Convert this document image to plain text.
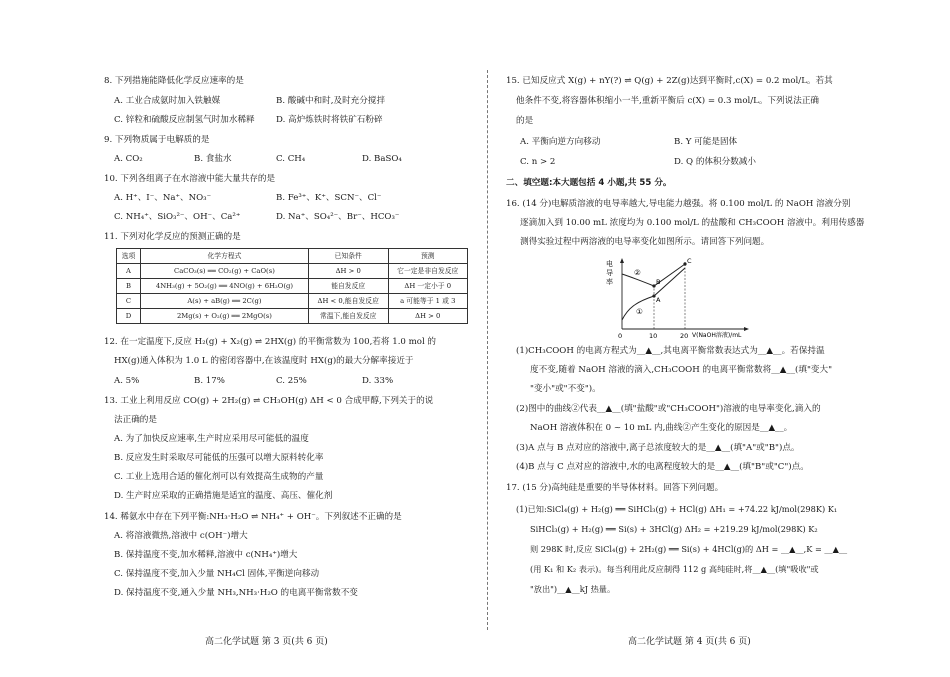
8. 下列措施能降低化学反应速率的是
A. 工业合成氨时加入铁触媒	B. 酸碱中和时,及时充分搅拌
C. 锌粒和硫酸反应制氢气时加水稀释 D. 高炉炼铁时将铁矿石粉碎
9. 下列物质属于电解质的是
A. CO₂	B. 食盐水	C. CH₄	D. BaSO₄
10. 下列各组离子在水溶液中能大量共存的是
A. H⁺、I⁻、Na⁺、NO₃⁻	B. Fe³⁺、K⁺、SCN⁻、Cl⁻
C. NH₄⁺、SiO₃²⁻、OH⁻、Ca²⁺	D. Na⁺、SO₄²⁻、Br⁻、HCO₃⁻
11. 下列对化学反应的预测正确的是
选项	化学方程式	已知条件	预测
A	CaCO₃(s) ══ CO₂(g) + CaO(s)	ΔH > 0	它一定是非自发反应
B	4NH₃(g) + 5O₂(g) ══ 4NO(g) + 6H₂O(g)	能自发反应	ΔH 一定小于 0
C	A(s) + aB(g) ══ 2C(g)	ΔH < 0,能自发反应	a 可能等于 1 或 3
D	2Mg(s) + O₂(g) ══ 2MgO(s)	常温下,能自发反应	ΔH > 0
12. 在一定温度下,反应 H₂(g) + X₂(g) ⇌ 2HX(g) 的平衡常数为 100,若将 1.0 mol 的
HX(g)通入体积为 1.0 L 的密闭容器中,在该温度时 HX(g)的最大分解率接近于
A. 5%	B. 17%	C. 25%	D. 33%
13. 工业上利用反应 CO(g) + 2H₂(g) ⇌ CH₃OH(g) ΔH < 0 合成甲醇,下列关于的说
法正确的是
A. 为了加快反应速率,生产时应采用尽可能低的温度
B. 反应发生时采取尽可能低的压强可以增大原料转化率
C. 工业上选用合适的催化剂可以有效提高生成物的产量
D. 生产时应采取的正确措施是适宜的温度、高压、催化剂
14. 稀氨水中存在下列平衡:NH₃·H₂O ⇌ NH₄⁺ + OH⁻。下列叙述不正确的是
A. 将溶液微热,溶液中 c(OH⁻)增大
B. 保持温度不变,加水稀释,溶液中 c(NH₄⁺)增大
C. 保持温度不变,加入少量 NH₄Cl 固体,平衡逆向移动
D. 保持温度不变,通入少量 NH₃,NH₃·H₂O 的电离平衡常数不变
高二化学试题 第 3 页(共 6 页)
15. 已知反应式 X(g) + nY(?) ⇌ Q(g) + 2Z(g)达到平衡时,c(X) = 0.2 mol/L。若其
他条件不变,将容器体积缩小一半,重新平衡后 c(X) = 0.3 mol/L。下列说法正确
的是
A. 平衡向逆方向移动	B. Y 可能是固体
C. n > 2	D. Q 的体积分数减小
二、填空题:本大题包括 4 小题,共 55 分。
16. (14 分)电解质溶液的电导率越大,导电能力越强。将 0.100 mol/L 的 NaOH 溶液分别
逐滴加入到 10.00 mL 浓度均为 0.100 mol/L 的盐酸和 CH₃COOH 溶液中。利用传感器
测得实验过程中两溶液的电导率变化如图所示。请回答下列问题。
电
导
率
A
B
C
②
①
0	10	20 V(NaOH溶液)/mL
(1)CH₃COOH 的电离方程式为__▲__,其电离平衡常数表达式为__▲__。若保持温
度不变,随着 NaOH 溶液的滴入,CH₃COOH 的电离平衡常数将__▲__(填"变大"
"变小"或"不变")。
(2)图中的曲线②代表__▲__(填"盐酸"或"CH₃COOH")溶液的电导率变化,滴入的
NaOH 溶液体积在 0 ~ 10 mL 内,曲线②产生变化的原因是__▲__。
(3)A 点与 B 点对应的溶液中,离子总浓度较大的是__▲__(填"A"或"B")点。
(4)B 点与 C 点对应的溶液中,水的电离程度较大的是__▲__(填"B"或"C")点。
17. (15 分)高纯硅是重要的半导体材料。回答下列问题。
(1)已知:SiCl₄(g) + H₂(g) ══ SiHCl₃(g) + HCl(g) ΔH₁ = +74.22 kJ/mol(298K) K₁
SiHCl₃(g) + H₂(g) ══ Si(s) + 3HCl(g) ΔH₂ = +219.29 kJ/mol(298K) K₂
则 298K 时,反应 SiCl₄(g) + 2H₂(g) ══ Si(s) + 4HCl(g)的 ΔH = __▲__,K = __▲__
(用 K₁ 和 K₂ 表示)。每当利用此反应制得 112 g 高纯硅时,将__▲__(填"吸收"或
"放出")__▲__kJ 热量。
高二化学试题 第 4 页(共 6 页)
